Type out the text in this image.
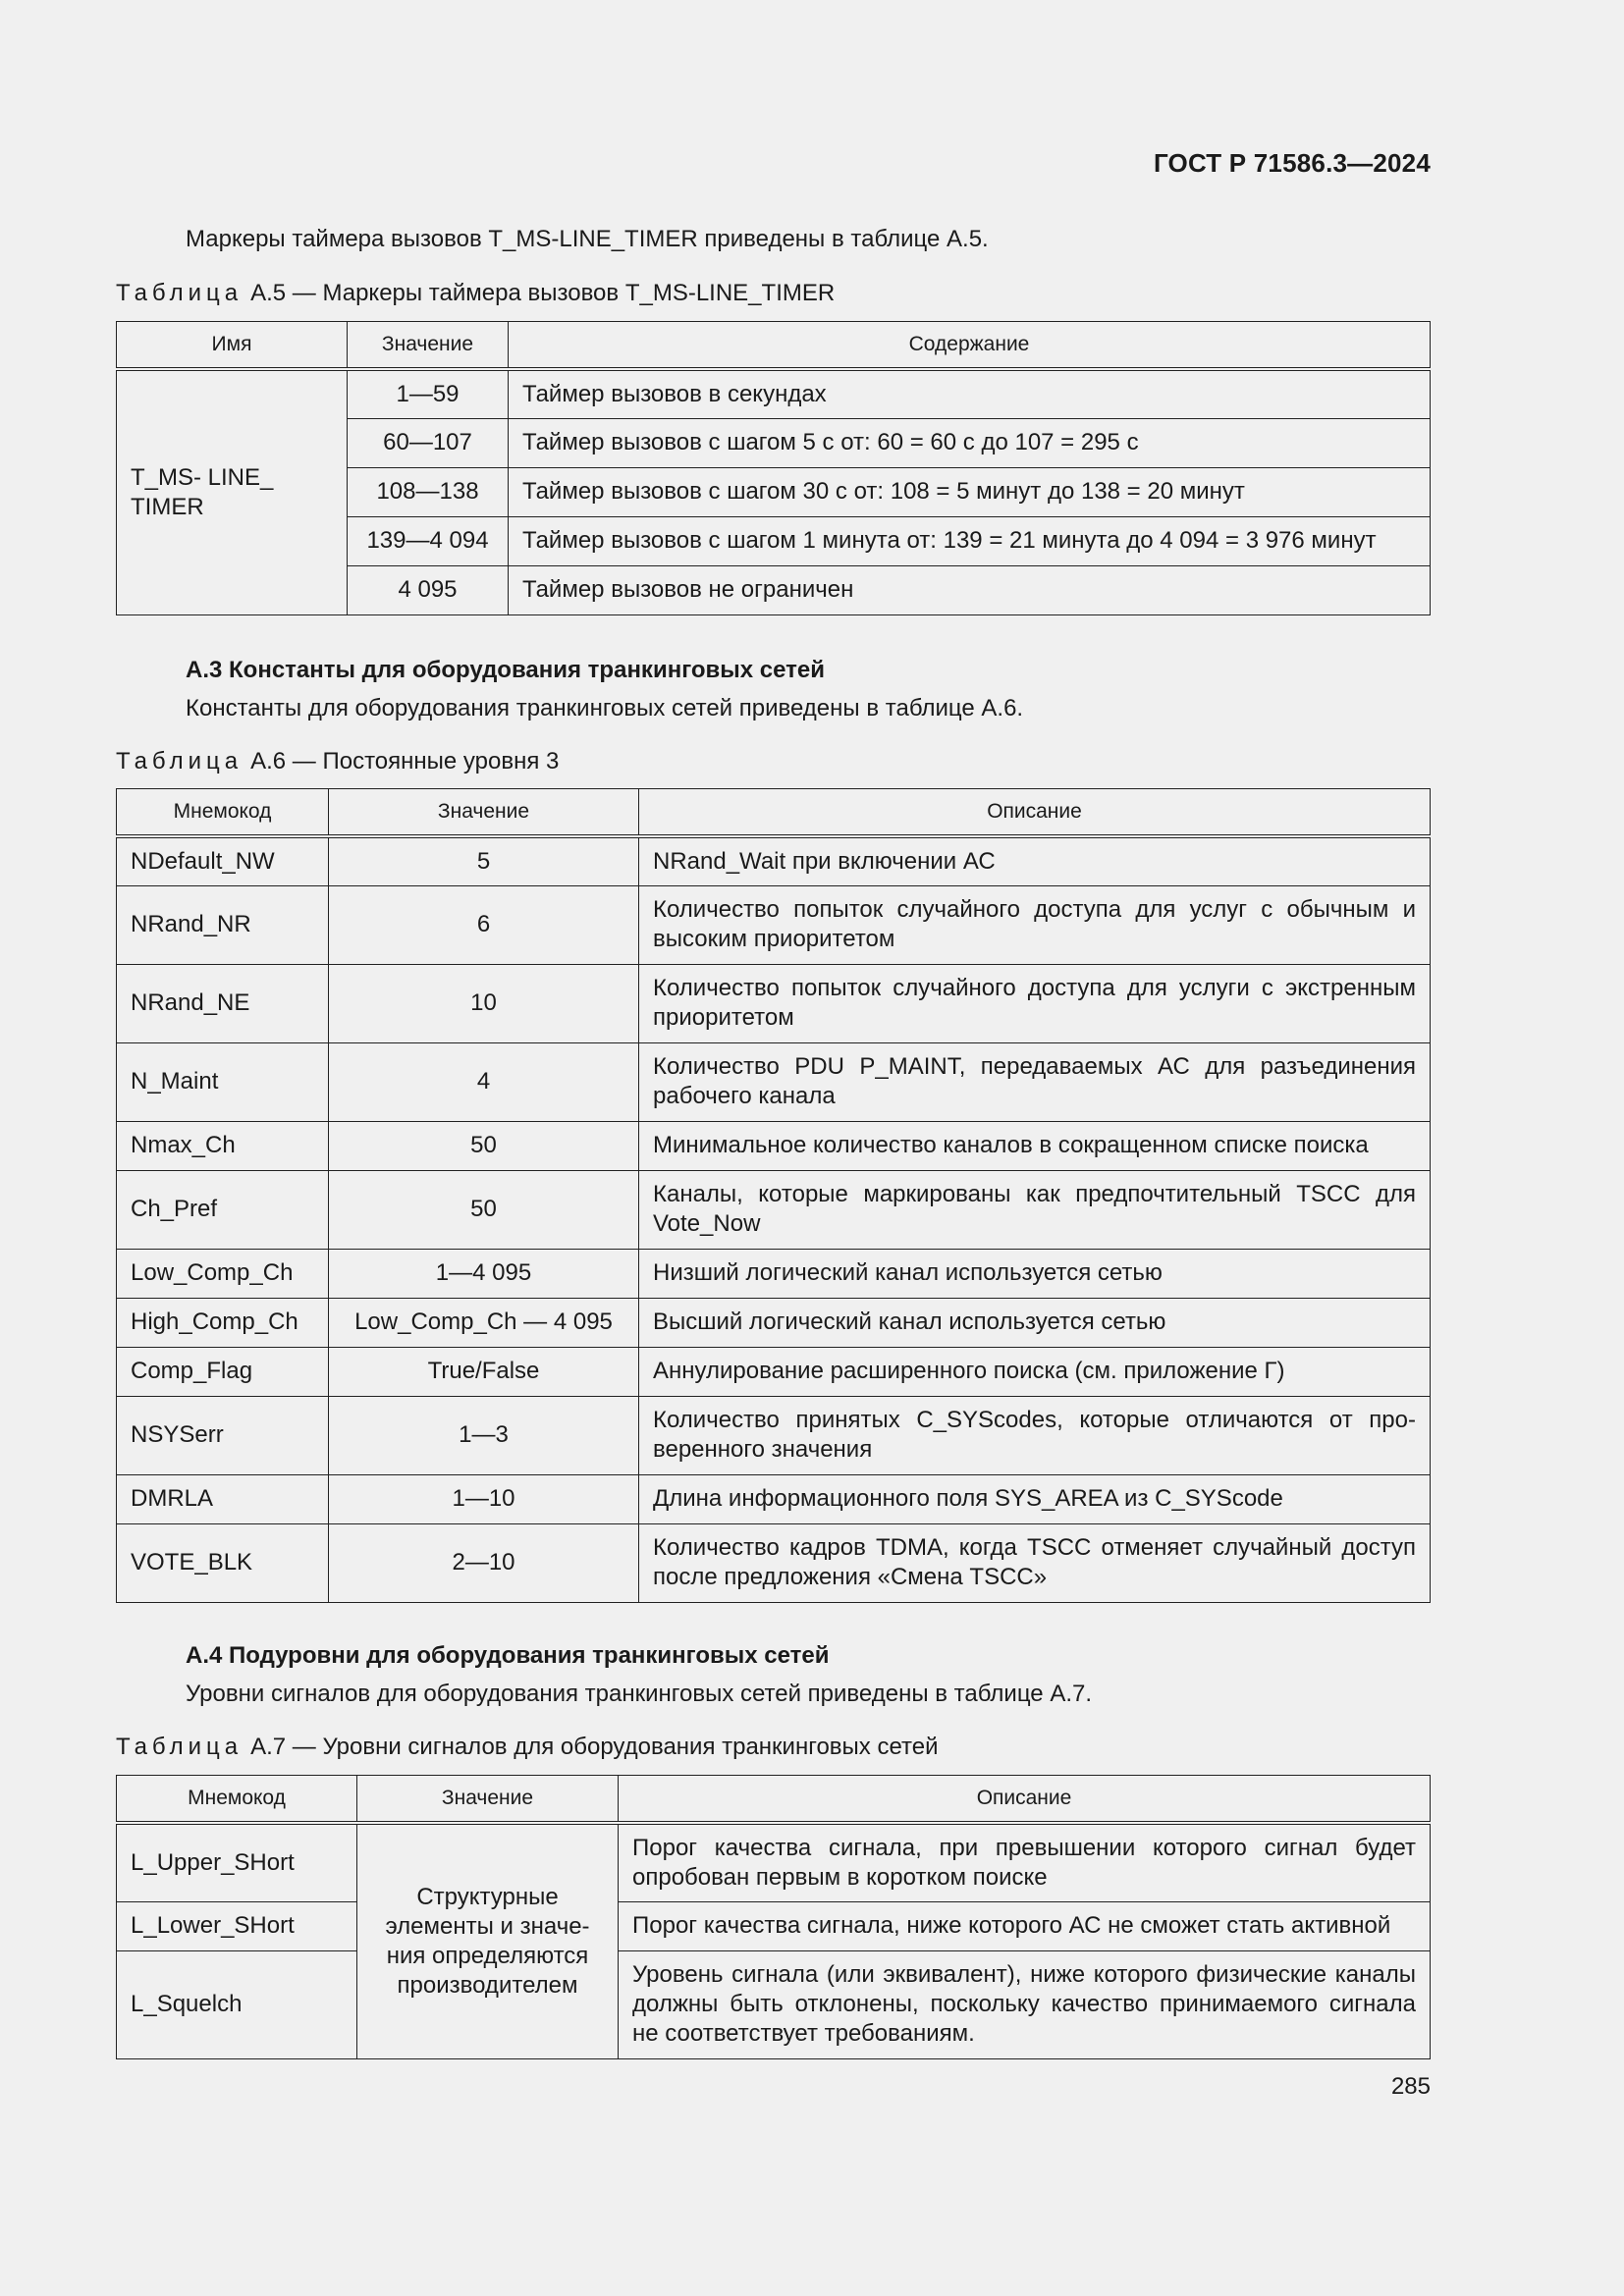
ГОСТ Р 71586.3—2024
Маркеры таймера вызовов T_MS-LINE_TIMER приведены в таблице А.5.
Таблица А.5 — Маркеры таймера вызовов T_MS-LINE_TIMER
Имя	Значение	Содержание
T_MS- LINE_ TIMER	1—59	Таймер вызовов в секундах
	60—107	Таймер вызовов с шагом 5 с от: 60 = 60 с до 107 = 295 с
	108—138	Таймер вызовов с шагом 30 с от: 108 = 5 минут до 138 = 20 минут
	139—4 094	Таймер вызовов с шагом 1 минута от: 139 = 21 минута до 4 094 = 3 976 минут
	4 095	Таймер вызовов не ограничен
А.3 Константы для оборудования транкинговых сетей
Константы для оборудования транкинговых сетей приведены в таблице А.6.
Таблица А.6 — Постоянные уровня 3
Мнемокод	Значение	Описание
NDefault_NW	5	NRand_Wait при включении АС
NRand_NR	6	Количество попыток случайного доступа для услуг с обычным и высоким приоритетом
NRand_NE	10	Количество попыток случайного доступа для услуги с экстренным приоритетом
N_Maint	4	Количество PDU P_MAINT, передаваемых АС для разъединения рабочего канала
Nmax_Ch	50	Минимальное количество каналов в сокращенном списке поиска
Ch_Pref	50	Каналы, которые маркированы как предпочтительный TSCC для Vote_Now
Low_Comp_Ch	1—4 095	Низший логический канал используется сетью
High_Comp_Ch	Low_Comp_Ch — 4 095	Высший логический канал используется сетью
Comp_Flag	True/False	Аннулирование расширенного поиска (см. приложение Г)
NSYSerr	1—3	Количество принятых C_SYScodes, которые отличаются от проверенного значения
DMRLA	1—10	Длина информационного поля SYS_AREA из C_SYScode
VOTE_BLK	2—10	Количество кадров TDMA, когда TSCC отменяет случайный доступ после предложения «Смена TSCC»
А.4 Подуровни для оборудования транкинговых сетей
Уровни сигналов для оборудования транкинговых сетей приведены в таблице А.7.
Таблица А.7 — Уровни сигналов для оборудования транкинговых сетей
Мнемокод	Значение	Описание
L_Upper_SHort	Структурные элементы и значения определяются производителем	Порог качества сигнала, при превышении которого сигнал будет опробован первым в коротком поиске
L_Lower_SHort		Порог качества сигнала, ниже которого АС не сможет стать активной
L_Squelch		Уровень сигнала (или эквивалент), ниже которого физические каналы должны быть отклонены, поскольку качество принимаемого сигнала не соответствует требованиям.
285
